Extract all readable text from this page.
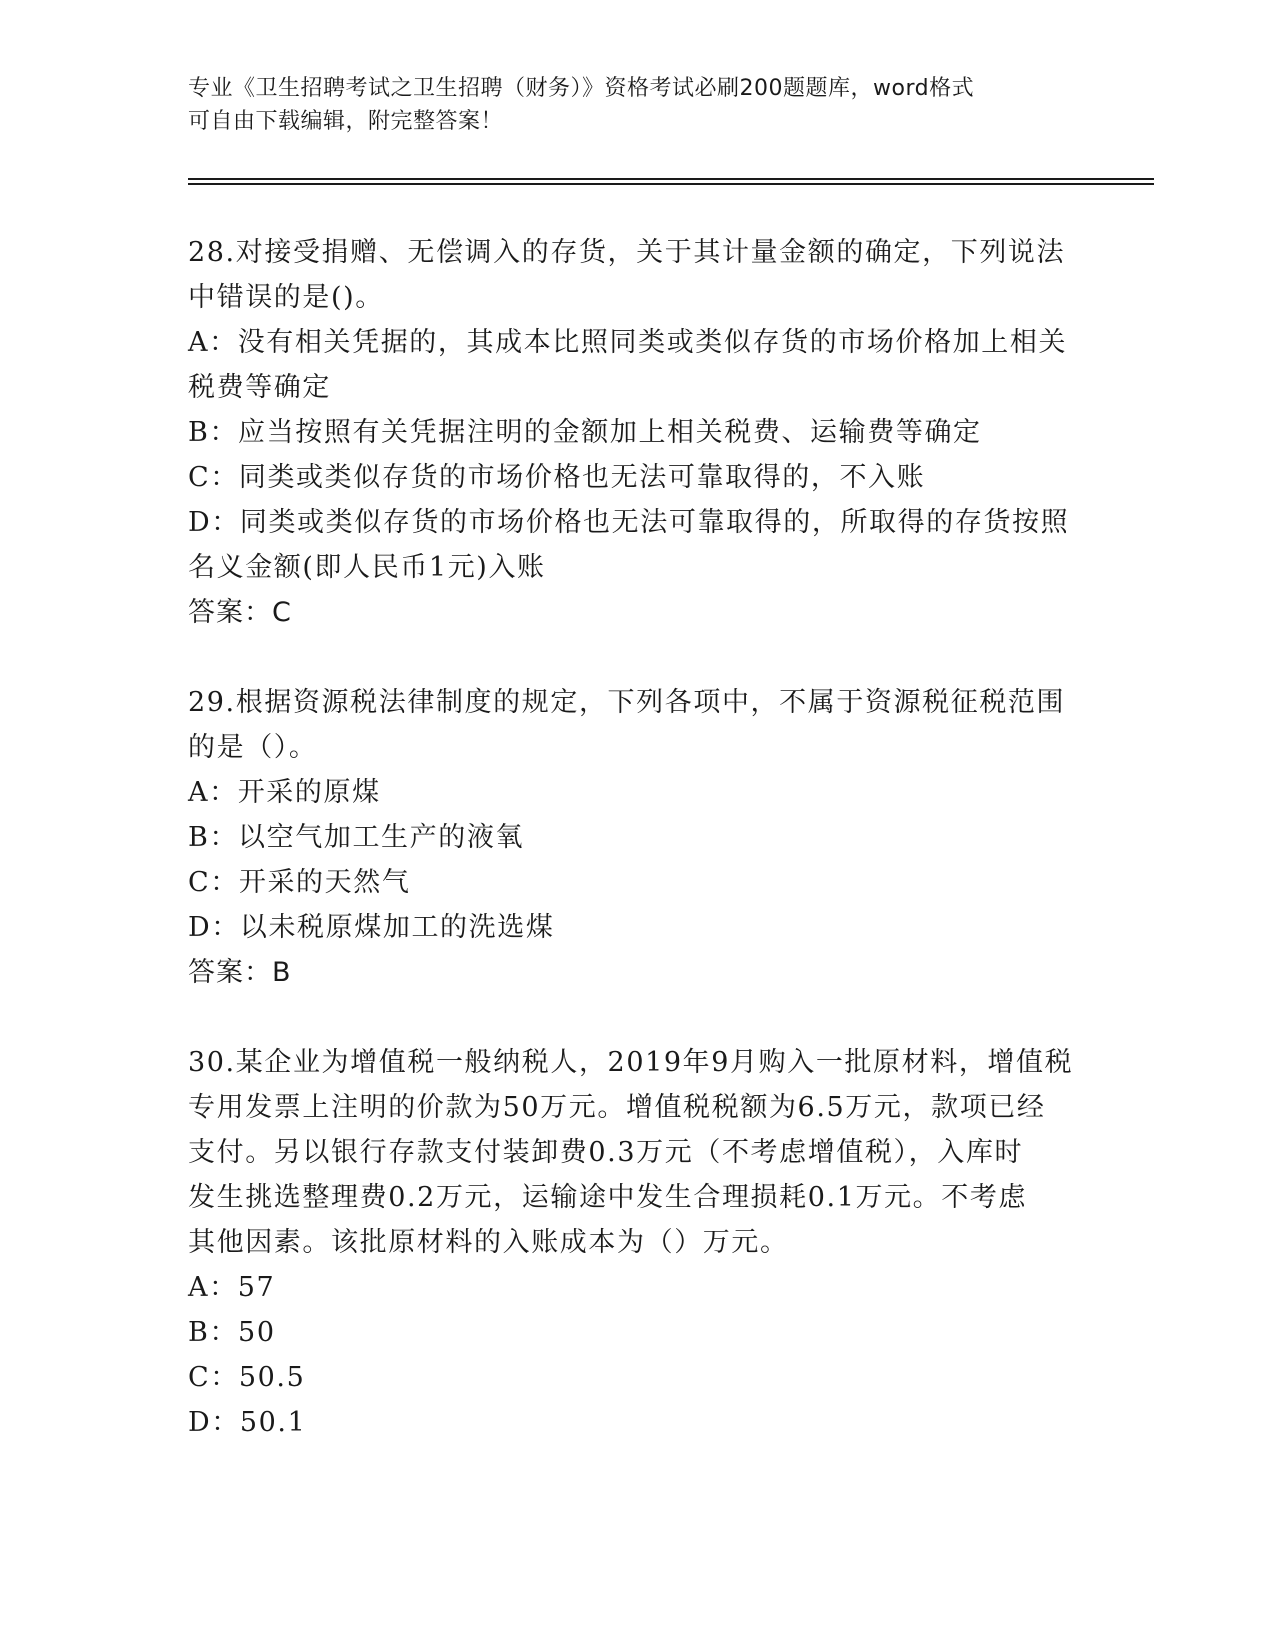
专业《卫生招聘考试之卫生招聘（财务）》资格考试必刷200题题库，word格式
可自由下载编辑，附完整答案！
28.对接受捐赠、无偿调入的存货，关于其计量金额的确定，下列说法
中错误的是()。
A：没有相关凭据的，其成本比照同类或类似存货的市场价格加上相关
税费等确定
B：应当按照有关凭据注明的金额加上相关税费、运输费等确定
C：同类或类似存货的市场价格也无法可靠取得的，不入账
D：同类或类似存货的市场价格也无法可靠取得的，所取得的存货按照
名义金额(即人民币1元)入账
答案：C
29.根据资源税法律制度的规定，下列各项中，不属于资源税征税范围
的是（）。
A：开采的原煤
B：以空气加工生产的液氧
C：开采的天然气
D：以未税原煤加工的洗选煤
答案：B
30.某企业为增值税一般纳税人，2019年9月购入一批原材料，增值税
专用发票上注明的价款为50万元。增值税税额为6.5万元，款项已经
支付。另以银行存款支付装卸费0.3万元（不考虑增值税），入库时
发生挑选整理费0.2万元，运输途中发生合理损耗0.1万元。不考虑
其他因素。该批原材料的入账成本为（）万元。
A：57
B：50
C：50.5
D：50.1
